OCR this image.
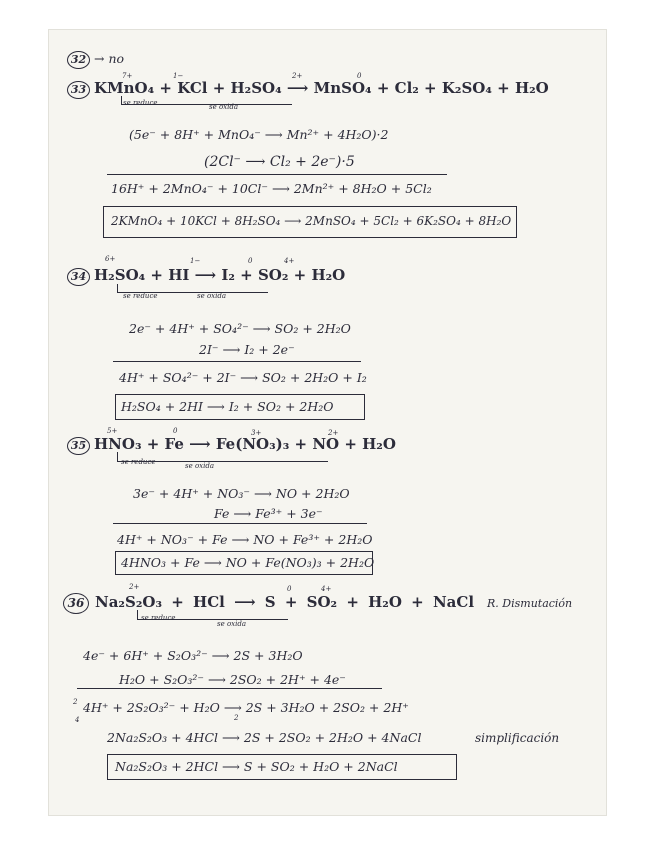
32 → no
7+	1−	2+	0
33 KMnO₄ + KCl + H₂SO₄ ⟶ MnSO₄ + Cl₂ + K₂SO₄ + H₂O
se reduce	se oxida
(5e⁻ + 8H⁺ + MnO₄⁻ ⟶ Mn²⁺ + 4H₂O)·2
(2Cl⁻ ⟶ Cl₂ + 2e⁻)·5
16H⁺ + 2MnO₄⁻ + 10Cl⁻ ⟶ 2Mn²⁺ + 8H₂O + 5Cl₂
2KMnO₄ + 10KCl + 8H₂SO₄ ⟶ 2MnSO₄ + 5Cl₂ + 6K₂SO₄ + 8H₂O
6+	1−	0	4+
34 H₂SO₄ + HI ⟶ I₂ + SO₂ + H₂O
se reduce	se oxida
2e⁻ + 4H⁺ + SO₄²⁻ ⟶ SO₂ + 2H₂O
2I⁻ ⟶ I₂ + 2e⁻
4H⁺ + SO₄²⁻ + 2I⁻ ⟶ SO₂ + 2H₂O + I₂
H₂SO₄ + 2HI ⟶ I₂ + SO₂ + 2H₂O
5+	0	3+	2+
35 HNO₃ + Fe ⟶ Fe(NO₃)₃ + NO + H₂O
se reduce	se oxida
3e⁻ + 4H⁺ + NO₃⁻ ⟶ NO + 2H₂O
Fe ⟶ Fe³⁺ + 3e⁻
4H⁺ + NO₃⁻ + Fe ⟶ NO + Fe³⁺ + 2H₂O
4HNO₃ + Fe ⟶ NO + Fe(NO₃)₃ + 2H₂O
2+	0	4+
36 Na₂S₂O₃ + HCl ⟶ S + SO₂ + H₂O + NaCl R. Dismutación
se reduce
se oxida
4e⁻ + 6H⁺ + S₂O₃²⁻ ⟶ 2S + 3H₂O
H₂O + S₂O₃²⁻ ⟶ 2SO₂ + 2H⁺ + 4e⁻
2
4
4H⁺ + 2S₂O₃²⁻ + H₂O ⟶ 2S + 3H₂O + 2SO₂ + 2H⁺
2
2Na₂S₂O₃ + 4HCl ⟶ 2S + 2SO₂ + 2H₂O + 4NaCl	simplificación
Na₂S₂O₃ + 2HCl ⟶ S + SO₂ + H₂O + 2NaCl
